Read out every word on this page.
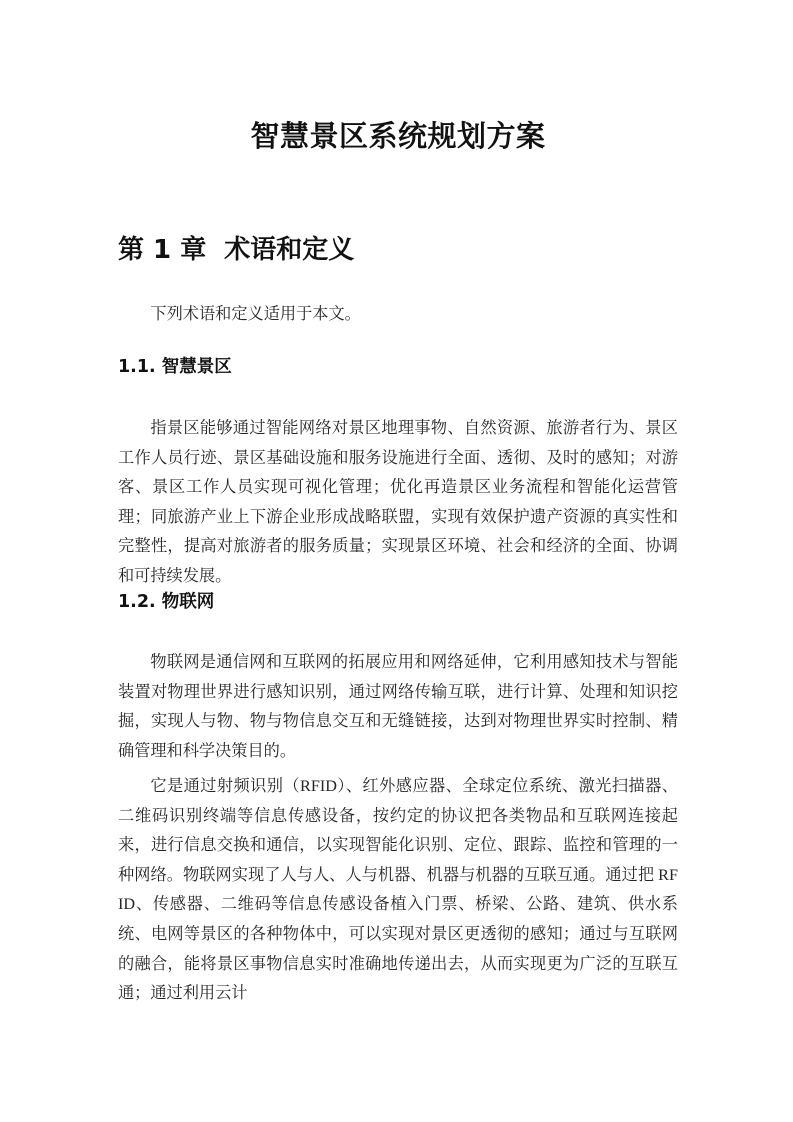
智慧景区系统规划方案
第 1 章  术语和定义

下列术语和定义适用于本文。

1.1. 智慧景区

指景区能够通过智能网络对景区地理事物、自然资源、旅游者行为、景区工作人员行迹、景区基础设施和服务设施进行全面、透彻、及时的感知；对游客、景区工作人员实现可视化管理；优化再造景区业务流程和智能化运营管理；同旅游产业上下游企业形成战略联盟，实现有效保护遗产资源的真实性和完整性，提高对旅游者的服务质量；实现景区环境、社会和经济的全面、协调和可持续发展。

1.2. 物联网

物联网是通信网和互联网的拓展应用和网络延伸，它利用感知技术与智能装置对物理世界进行感知识别，通过网络传输互联，进行计算、处理和知识挖掘，实现人与物、物与物信息交互和无缝链接，达到对物理世界实时控制、精确管理和科学决策目的。

它是通过射频识别（RFID）、红外感应器、全球定位系统、激光扫描器、二维码识别终端等信息传感设备，按约定的协议把各类物品和互联网连接起来，进行信息交换和通信，以实现智能化识别、定位、跟踪、监控和管理的一种网络。物联网实现了人与人、人与机器、机器与机器的互联互通。通过把 RFID、传感器、二维码等信息传感设备植入门票、桥梁、公路、建筑、供水系统、电网等景区的各种物体中，可以实现对景区更透彻的感知；通过与互联网的融合，能将景区事物信息实时准确地传递出去，从而实现更为广泛的互联互通；通过利用云计
